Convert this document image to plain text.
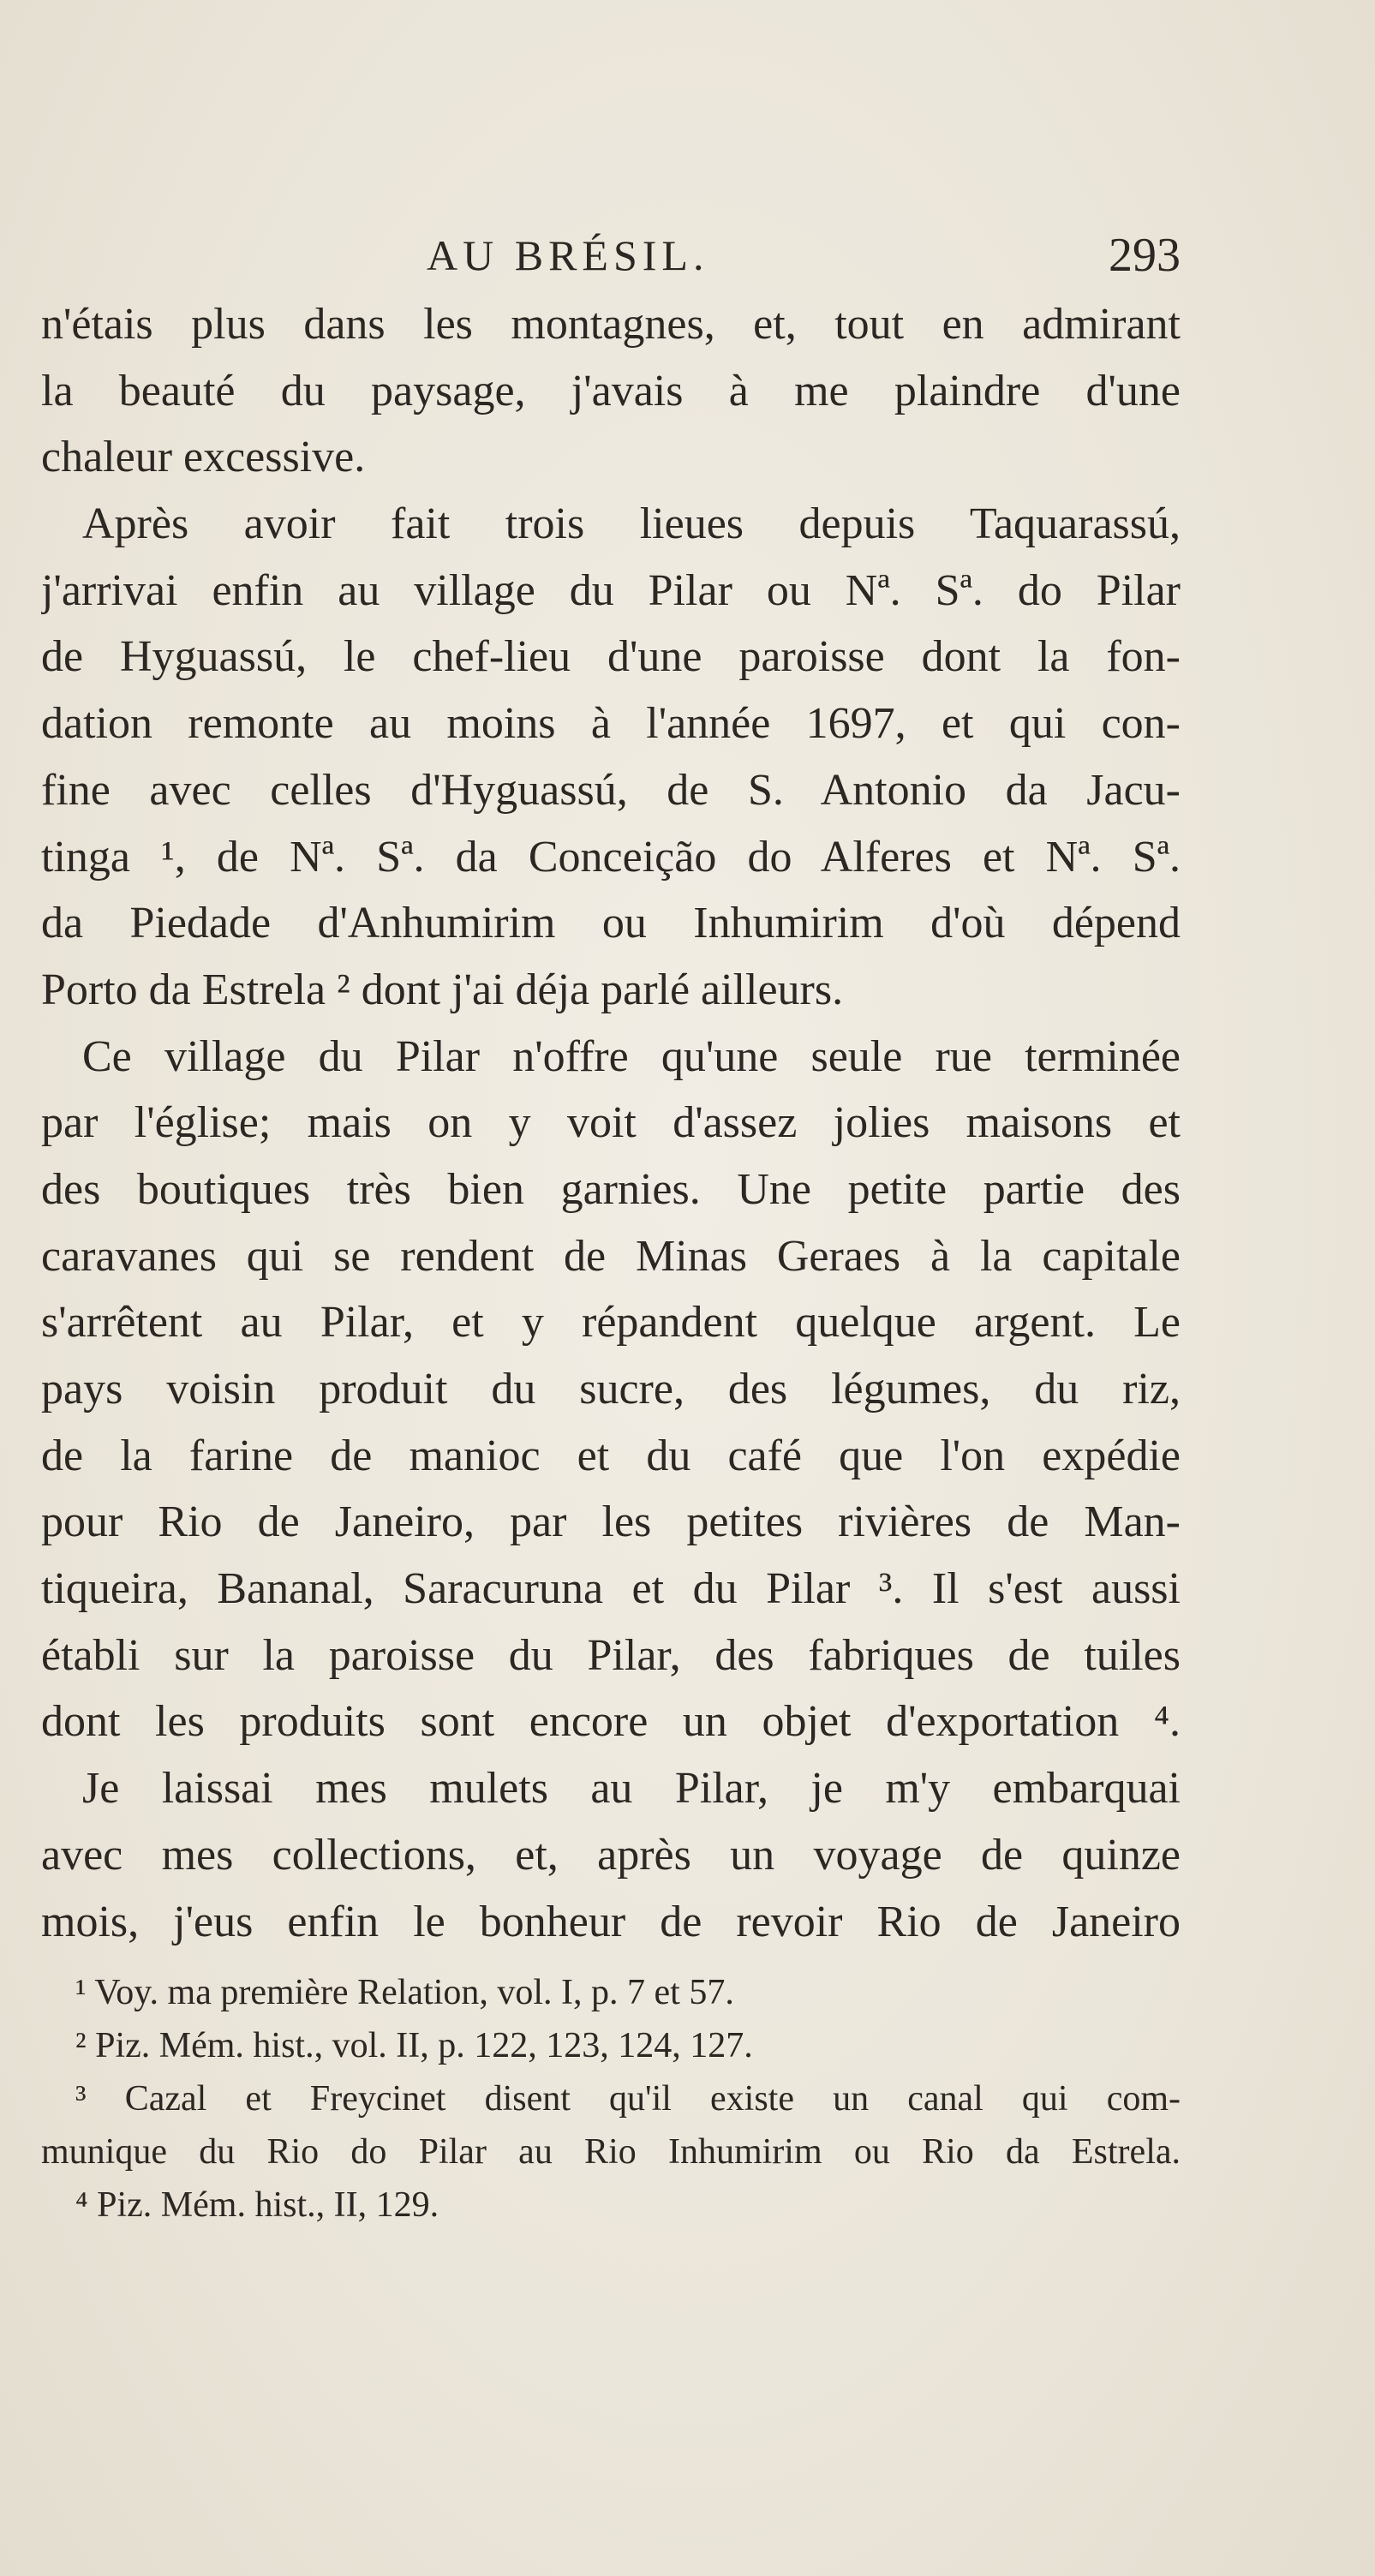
AU BRÉSIL.	293
n'étais plus dans les montagnes, et, tout en admirant
la beauté du paysage, j'avais à me plaindre d'une
chaleur excessive.
Après avoir fait trois lieues depuis Taquarassú,
j'arrivai enfin au village du Pilar ou Nª. Sª. do Pilar
de Hyguassú, le chef-lieu d'une paroisse dont la fon-
dation remonte au moins à l'année 1697, et qui con-
fine avec celles d'Hyguassú, de S. Antonio da Jacu-
tinga ¹, de Nª. Sª. da Conceição do Alferes et Nª. Sª.
da Piedade d'Anhumirim ou Inhumirim d'où dépend
Porto da Estrela ² dont j'ai déja parlé ailleurs.
Ce village du Pilar n'offre qu'une seule rue terminée
par l'église; mais on y voit d'assez jolies maisons et
des boutiques très bien garnies. Une petite partie des
caravanes qui se rendent de Minas Geraes à la capitale
s'arrêtent au Pilar, et y répandent quelque argent. Le
pays voisin produit du sucre, des légumes, du riz,
de la farine de manioc et du café que l'on expédie
pour Rio de Janeiro, par les petites rivières de Man-
tiqueira, Bananal, Saracuruna et du Pilar ³. Il s'est aussi
établi sur la paroisse du Pilar, des fabriques de tuiles
dont les produits sont encore un objet d'exportation ⁴.
Je laissai mes mulets au Pilar, je m'y embarquai
avec mes collections, et, après un voyage de quinze
mois, j'eus enfin le bonheur de revoir Rio de Janeiro
¹ Voy. ma première Relation, vol. I, p. 7 et 57.
² Piz. Mém. hist., vol. II, p. 122, 123, 124, 127.
³ Cazal et Freycinet disent qu'il existe un canal qui com-
munique du Rio do Pilar au Rio Inhumirim ou Rio da Estrela.
⁴ Piz. Mém. hist., II, 129.
